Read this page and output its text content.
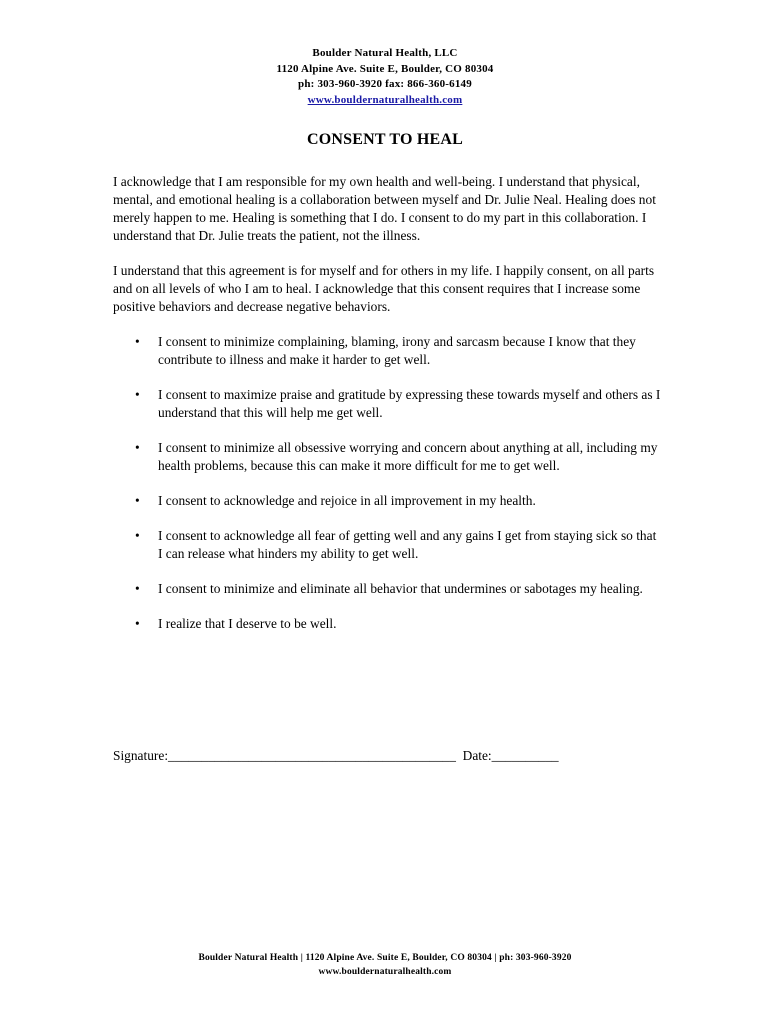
Boulder Natural Health, LLC
1120 Alpine Ave. Suite E, Boulder, CO 80304
ph: 303-960-3920 fax: 866-360-6149
www.bouldernaturalhealth.com
CONSENT TO HEAL

I acknowledge that I am responsible for my own health and well-being. I understand that physical, mental, and emotional healing is a collaboration between myself and Dr. Julie Neal. Healing does not merely happen to me. Healing is something that I do. I consent to do my part in this collaboration. I understand that Dr. Julie treats the patient, not the illness.

I understand that this agreement is for myself and for others in my life. I happily consent, on all parts and on all levels of who I am to heal. I acknowledge that this consent requires that I increase some positive behaviors and decrease negative behaviors.

• I consent to minimize complaining, blaming, irony and sarcasm because I know that they contribute to illness and make it harder to get well.
• I consent to maximize praise and gratitude by expressing these towards myself and others as I understand that this will help me get well.
• I consent to minimize all obsessive worrying and concern about anything at all, including my health problems, because this can make it more difficult for me to get well.
• I consent to acknowledge and rejoice in all improvement in my health.
• I consent to acknowledge all fear of getting well and any gains I get from staying sick so that I can release what hinders my ability to get well.
• I consent to minimize and eliminate all behavior that undermines or sabotages my healing.
• I realize that I deserve to be well.
Signature:___________________________________________ Date:__________
Boulder Natural Health | 1120 Alpine Ave. Suite E, Boulder, CO 80304 | ph: 303-960-3920
www.bouldernaturalhealth.com
